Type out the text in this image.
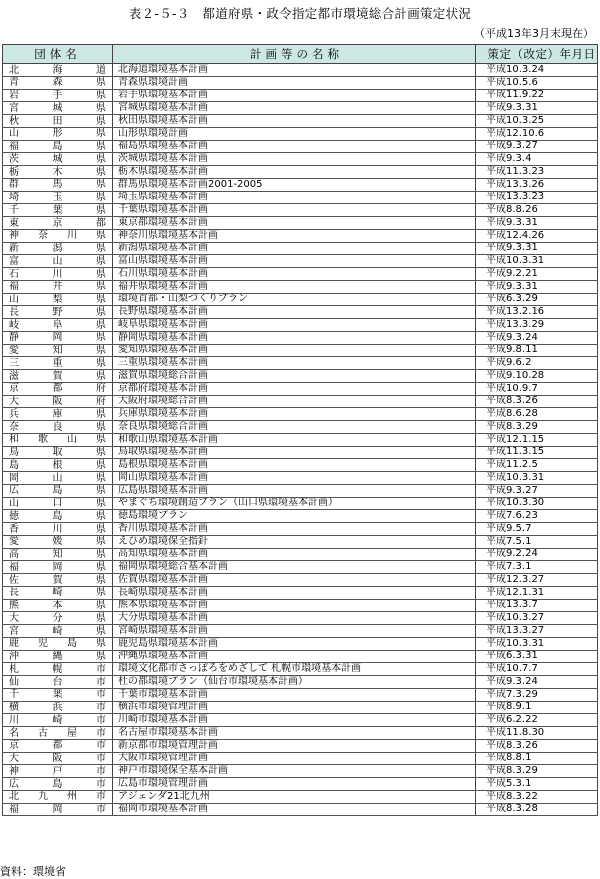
表２-５-３　都道府県・政令指定都市環境総合計画策定状況
（平成13年3月末現在）
団体名	計画等の名称	策定（改定）年月日
北 海 道	北海道環境基本計画	平成10.3.24
青 森 県	青森県環境計画	平成10.5.6
岩 手 県	岩手県環境基本計画	平成11.9.22
宮 城 県	宮城県環境基本計画	平成9.3.31
秋 田 県	秋田県環境基本計画	平成10.3.25
山 形 県	山形県環境計画	平成12.10.6
福 島 県	福島県環境基本計画	平成9.3.27
茨 城 県	茨城県環境基本計画	平成9.3.4
栃 木 県	栃木県環境基本計画	平成11.3.23
群 馬 県	群馬県環境基本計画2001-2005	平成13.3.26
埼 玉 県	埼玉県環境基本計画	平成13.3.23
千 葉 県	千葉県環境基本計画	平成8.8.26
東 京 都	東京都環境基本計画	平成9.3.31
神 奈 川 県	神奈川県環境基本計画	平成12.4.26
新 潟 県	新潟県環境基本計画	平成9.3.31
富 山 県	富山県環境基本計画	平成10.3.31
石 川 県	石川県環境基本計画	平成9.2.21
福 井 県	福井県環境基本計画	平成9.3.31
山 梨 県	環境首都・山梨づくりプラン	平成6.3.29
長 野 県	長野県環境基本計画	平成13.2.16
岐 阜 県	岐阜県環境基本計画	平成13.3.29
静 岡 県	静岡県環境基本計画	平成9.3.24
愛 知 県	愛知県環境基本計画	平成9.8.11
三 重 県	三重県環境基本計画	平成9.6.2
滋 賀 県	滋賀県環境総合計画	平成9.10.28
京 都 府	京都府環境基本計画	平成10.9.7
大 阪 府	大阪府環境総合計画	平成8.3.26
兵 庫 県	兵庫県環境基本計画	平成8.6.28
奈 良 県	奈良県環境総合計画	平成8.3.29
和 歌 山 県	和歌山県環境基本計画	平成12.1.15
鳥 取 県	鳥取県環境基本計画	平成11.3.15
島 根 県	島根県環境基本計画	平成11.2.5
岡 山 県	岡山県環境基本計画	平成10.3.31
広 島 県	広島県環境基本計画	平成9.3.27
山 口 県	やまぐち環境創造プラン（山口県環境基本計画）	平成10.3.30
徳 島 県	徳島環境プラン	平成7.6.23
香 川 県	香川県環境基本計画	平成9.5.7
愛 媛 県	えひめ環境保全指針	平成7.5.1
高 知 県	高知県環境基本計画	平成9.2.24
福 岡 県	福岡県環境総合基本計画	平成7.3.1
佐 賀 県	佐賀県環境基本計画	平成12.3.27
長 崎 県	長崎県環境基本計画	平成12.1.31
熊 本 県	熊本県環境基本計画	平成13.3.7
大 分 県	大分県環境基本計画	平成10.3.27
宮 崎 県	宮崎県環境基本計画	平成13.3.27
鹿 児 島 県	鹿児島県環境基本計画	平成10.3.31
沖 縄 県	沖縄県環境基本計画	平成6.3.31
札 幌 市	環境文化都市さっぽろをめざして 札幌市環境基本計画	平成10.7.7
仙 台 市	杜の都環境プラン（仙台市環境基本計画）	平成9.3.24
千 葉 市	千葉市環境基本計画	平成7.3.29
横 浜 市	横浜市環境管理計画	平成8.9.1
川 崎 市	川崎市環境基本計画	平成6.2.22
名 古 屋 市	名古屋市環境基本計画	平成11.8.30
京 都 市	新京都市環境管理計画	平成8.3.26
大 阪 市	大阪市環境管理計画	平成8.8.1
神 戸 市	神戸市環境保全基本計画	平成8.3.29
広 島 市	広島市環境管理計画	平成5.3.1
北 九 州 市	アジェンダ21北九州	平成8.3.22
福 岡 市	福岡市環境基本計画	平成8.3.28
資料：環境省
